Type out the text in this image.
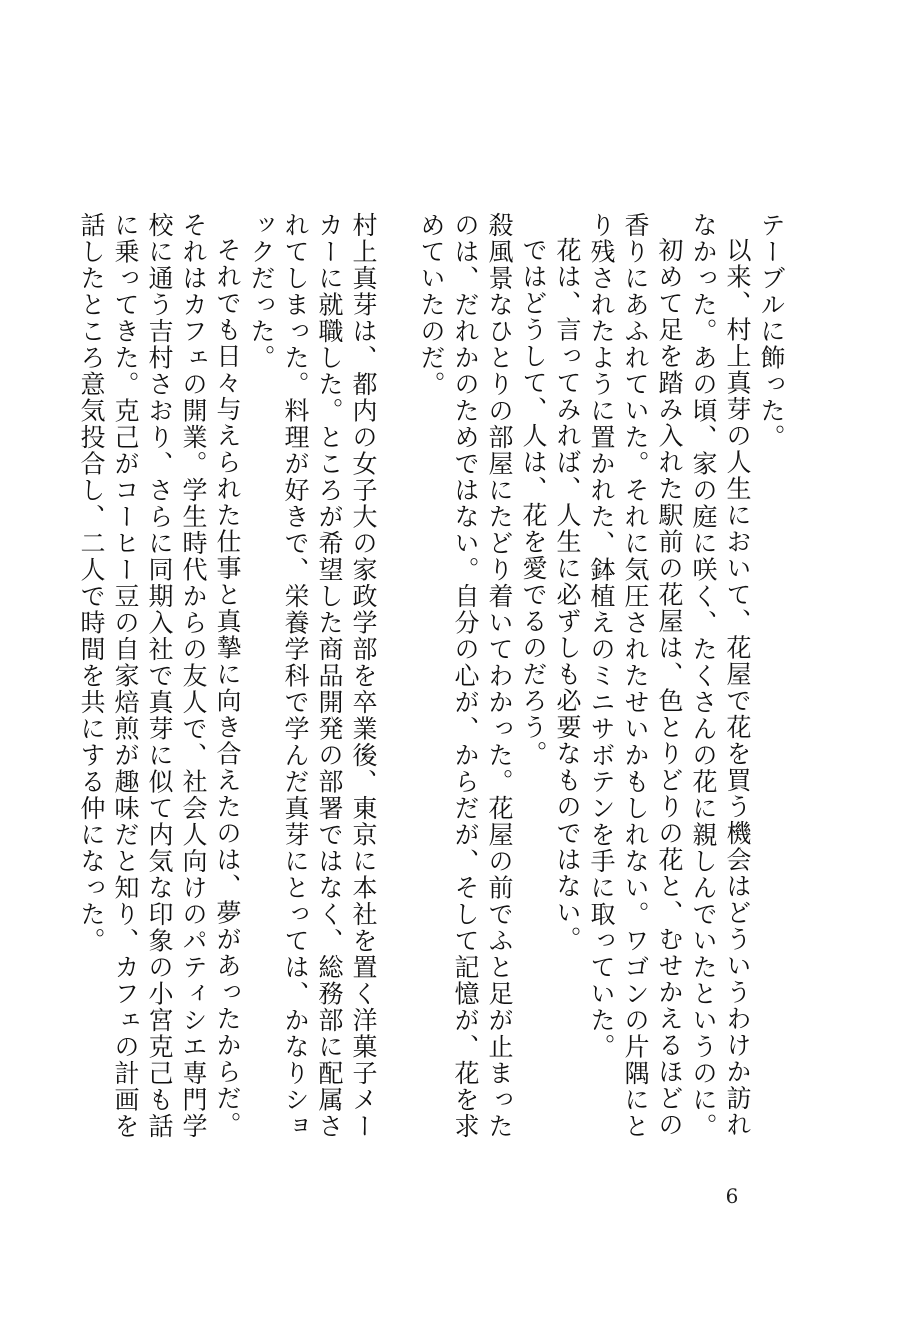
テーブルに飾った。

以来、村上真芽の人生において、花屋で花を買う機会はどういうわけか訪れなかった。あの頃、家の庭に咲く、たくさんの花に親しんでいたというのに。

初めて足を踏み入れた駅前の花屋は、色とりどりの花と、むせかえるほどの香りにあふれていた。それに気圧されたせいかもしれない。ワゴンの片隅にとり残されたように置かれた、鉢植えのミニサボテンを手に取っていた。

花は、言ってみれば、人生に必ずしも必要なものではない。

ではどうして、人は、花を愛でるのだろう。

殺風景なひとりの部屋にたどり着いてわかった。花屋の前でふと足が止まったのは、だれかのためではない。自分の心が、からだが、そして記憶が、花を求めていたのだ。

村上真芽は、都内の女子大の家政学部を卒業後、東京に本社を置く洋菓子メーカーに就職した。ところが希望した商品開発の部署ではなく、総務部に配属されてしまった。料理が好きで、栄養学科で学んだ真芽にとっては、かなりショックだった。

それでも日々与えられた仕事と真摯に向き合えたのは、夢があったからだ。それはカフェの開業。学生時代からの友人で、社会人向けのパティシエ専門学校に通う吉村さおり、さらに同期入社で真芽に似て内気な印象の小宮克己も話に乗ってきた。克己がコーヒー豆の自家焙煎が趣味だと知り、カフェの計画を話したところ意気投合し、二人で時間を共にする仲になった。

6
